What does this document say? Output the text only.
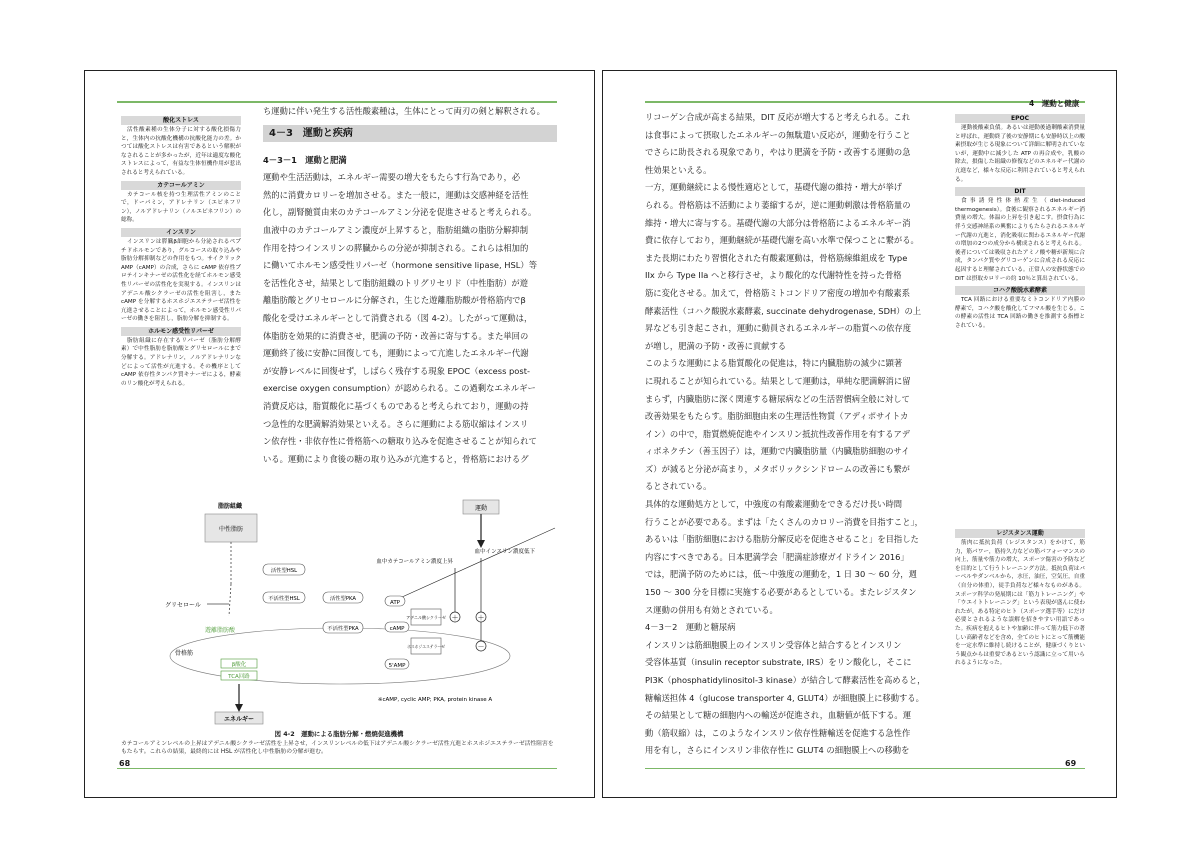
酸化ストレス

活性酸素種の生体分子に対する酸化損傷力と，生体内の抗酸化機構の抗酸化能力の差。かつては酸化ストレスは有害であるという解釈がなされることが多かったが，近年は適度な酸化ストレスによって，有益な生体恒機作用が惹出されると考えられている。

カテコールアミン

カテコール核を持つ生理活性アミンのことで，ドーパミン，アドレナリン（エピネフリン），ノルアドレナリン（ノルエピネフリン）の総称。

インスリン

インスリンは膵臓β細胞から分泌されるペプチドホルモンであり，グルコースの取り込みや脂肪分解抑制などの作用をもつ。サイクリック AMP（cAMP）の合成，さらに cAMP 依存性プロテインキナーゼの活性化を経てホルモン感受性リパーゼの活性化を実現する。インスリンはアデニル酸シクラーゼの活性を阻害し，また cAMP を分解するホスホジエステラーゼ活性を亢進させることによって，ホルモン感受性リパーゼの働きを阻害し，脂肪分解を抑制する。

ホルモン感受性リパーゼ

脂肪組織に存在するリパーゼ（脂肪分解酵素）で中性脂肪を脂肪酸とグリセロールにまで分解する。アドレナリン，ノルアドレナリンなどによって活性が亢進する。その機序として cAMP 依存性タンパク質キナーゼによる，酵素のリン酸化が考えられる。

ち運動に伴い発生する活性酸素種は，生体にとって両刃の剣と解釈される。

4－3　運動と疾病

4－3－1　運動と肥満

運動や生活活動は，エネルギー需要の増大をもたらす行為であり，必
然的に消費カロリーを増加させる。また一般に，運動は交感神経を活性
化し，副腎髄質由来のカテコールアミン分泌を促進させると考えられる。
血液中のカテコールアミン濃度が上昇すると，脂肪組織の脂肪分解抑制
作用を持つインスリンの膵臓からの分泌が抑制される。これらは相加的
に働いてホルモン感受性リパーゼ（hormone sensitive lipase, HSL）等
を活性化させ，結果として脂肪組織のトリグリセリド（中性脂肪）が遊
離脂肪酸とグリセロールに分解され，生じた遊離脂肪酸が骨格筋内でβ
酸化を受けエネルギーとして消費される（図 4-2）。したがって運動は，
体脂肪を効果的に消費させ，肥満の予防・改善に寄与する。また単回の
運動終了後に安静に回復しても，運動によって亢進したエネルギー代謝
が安静レベルに回復せず，しばらく残存する現象 EPOC（excess post-
exercise oxygen consumption）が認められる。この過剰なエネルギー
消費反応は，脂質酸化に基づくものであると考えられており，運動の持
つ急性的な肥満解消効果といえる。さらに運動による筋収縮はインスリ
ン依存性・非依存性に骨格筋への糖取り込みを促進させることが知られて
いる。運動により食後の糖の取り込みが亢進すると，骨格筋におけるグ
脂肪組織
中性脂肪
運動
血中インスリン濃度低下
血中カテコールアミン濃度上昇
活性型HSL
不活性型HSL	活性型PKA
不活性型PKA
グリセロール
遊離脂肪酸
骨格筋
β酸化
TCA回路
エネルギー
ATP
アデニル酸シクラーゼ
cAMP
ホスホジエステラーゼ
5'AMP
＋	＋
－
※cAMP, cyclic AMP; PKA, protein kinase A
図 4-2　運動による脂肪分解・燃焼促進機構
カテコールアミンレベルの上昇はアデニル酸シクラーゼ活性を上昇させ，インスリンレベルの低下はアデニル酸シクラーゼ活性亢進とホスホジエステラーゼ活性阻害をもたらす。これらの結果，最終的には HSL が活性化し中性脂肪の分解が進む。
68
4　運動と健康
リコーゲン合成が高まる結果，DIT 反応が増大すると考えられる。これ
は食事によって摂取したエネルギーの無駄遣い反応が，運動を行うこと
でさらに助長される現象であり，やはり肥満を予防・改善する運動の急
性効果といえる。
一方，運動継続による慢性適応として，基礎代謝の維持・増大が挙げ
られる。骨格筋は不活動により萎縮するが，逆に運動刺激は骨格筋量の
維持・増大に寄与する。基礎代謝の大部分は骨格筋によるエネルギー消
費に依存しており，運動継続が基礎代謝を高い水準で保つことに繋がる。
また長期にわたり習慣化された有酸素運動は，骨格筋線維組成を Type
IIx から Type IIa へと移行させ，より酸化的な代謝特性を持った骨格
筋に変化させる。加えて，骨格筋ミトコンドリア密度の増加や有酸素系
酵素活性（コハク酸脱水素酵素, succinate dehydrogenase, SDH）の上
昇なども引き起こされ，運動に動員されるエネルギーの脂質への依存度
が増し，肥満の予防・改善に貢献する
このような運動による脂質酸化の促進は，特に内臓脂肪の減少に顕著
に現れることが知られている。結果として運動は，単純な肥満解消に留
まらず，内臓脂肪に深く関連する糖尿病などの生活習慣病全般に対して
改善効果をもたらす。脂肪細胞由来の生理活性物質（アディポサイトカ
イン）の中で，脂質燃焼促進やインスリン抵抗性改善作用を有するアデ
ィポネクチン（善玉因子）は，運動で内臓脂肪量（内臓脂肪細胞のサイ
ズ）が減ると分泌が高まり，メタボリックシンドロームの改善にも繋が
るとされている。
具体的な運動処方として，中強度の有酸素運動をできるだけ長い時間
行うことが必要である。まずは「たくさんのカロリー消費を目指すこと」，
あるいは「脂肪細胞における脂肪分解反応を促進させること」を目指した
内容にすべきである。日本肥満学会「肥満症診療ガイドライン 2016」
では，肥満予防のためには，低～中強度の運動を，1 日 30 ～ 60 分，週
150 ～ 300 分を目標に実施する必要があるとしている。またレジスタン
ス運動の併用も有効とされている。
4－3－2　運動と糖尿病
インスリンは筋細胞膜上のインスリン受容体と結合するとインスリン
受容体基質（insulin receptor substrate, IRS）をリン酸化し，そこに
PI3K（phosphatidylinositol-3 kinase）が結合して酵素活性を高めると，
糖輸送担体 4（glucose transporter 4, GLUT4）が細胞膜上に移動する。
その結果として糖の細胞内への輸送が促進され，血糖値が低下する。運
動（筋収縮）は，このようなインスリン依存性糖輸送を促進する急性作
用を有し，さらにインスリン非依存性に GLUT4 の細胞膜上への移動を
EPOC

運動後酸素負債。あるいは運動後過剰酸素消費量と呼ばれ，運動終了後の安静期にも安静時以上の酸素摂取が生じる現象について詳細に解明されていないが，運動中に減少した ATP の再合成や，乳酸の除去，損傷した組織の修復などのエネルギー代謝の亢進など，様々な反応に利用されていると考えられる。

DIT

食事誘発性体熱産生（diet-induced thermogenesis）。食後に観察されるエネルギー消費量の増大。体温の上昇を引き起こす。摂食行為に伴う交感神経系の興奮によりもたらされるエネルギー代謝の亢進と，消化吸収に関わるエネルギー代謝の増加の2つの成分から構成されると考えられる。後者については吸収されたアミノ酸や糖が新規に合成，タンパク質やグリコーゲンに合成される反応に起因すると理解されている。正常人の安静状態での DIT は摂取カロリーの約 10％と算出されている。

コハク酸脱水素酵素

TCA 回路における重要なミトコンドリア内膜の酵素で，コハク酸を酸化してフマル酸を生じる。この酵素の活性は TCA 回路の働きを推測する指標とされている。

レジスタンス運動

筋肉に抵抗負荷（レジスタンス）をかけて，筋力，筋パワー，筋持久力などの筋パフォーマンスの向上，筋量や筋力の増大，スポーツ傷害の予防などを目的として行うトレーニング方法。抵抗負荷はバーベルやダンベルから，水圧，油圧，空気圧，自重（自分の体重），徒手負荷など様々なものがある。スポーツ科学の発展期には「筋力トレーニング」や「ウエイトトレーニング」という表現が盛んに使われたが，ある特定のヒト（スポーツ選手等）にだけ必要とされるような誤解を招きやすい用語であった。疾病を抱えるヒトや加齢に伴って筋力低下の著しい高齢者などを含め，全てのヒトにとって筋機能を一定水準に維持し続けることが，健康づくりという観点からは重要であるという認識に立って用いられるようになった。

69
